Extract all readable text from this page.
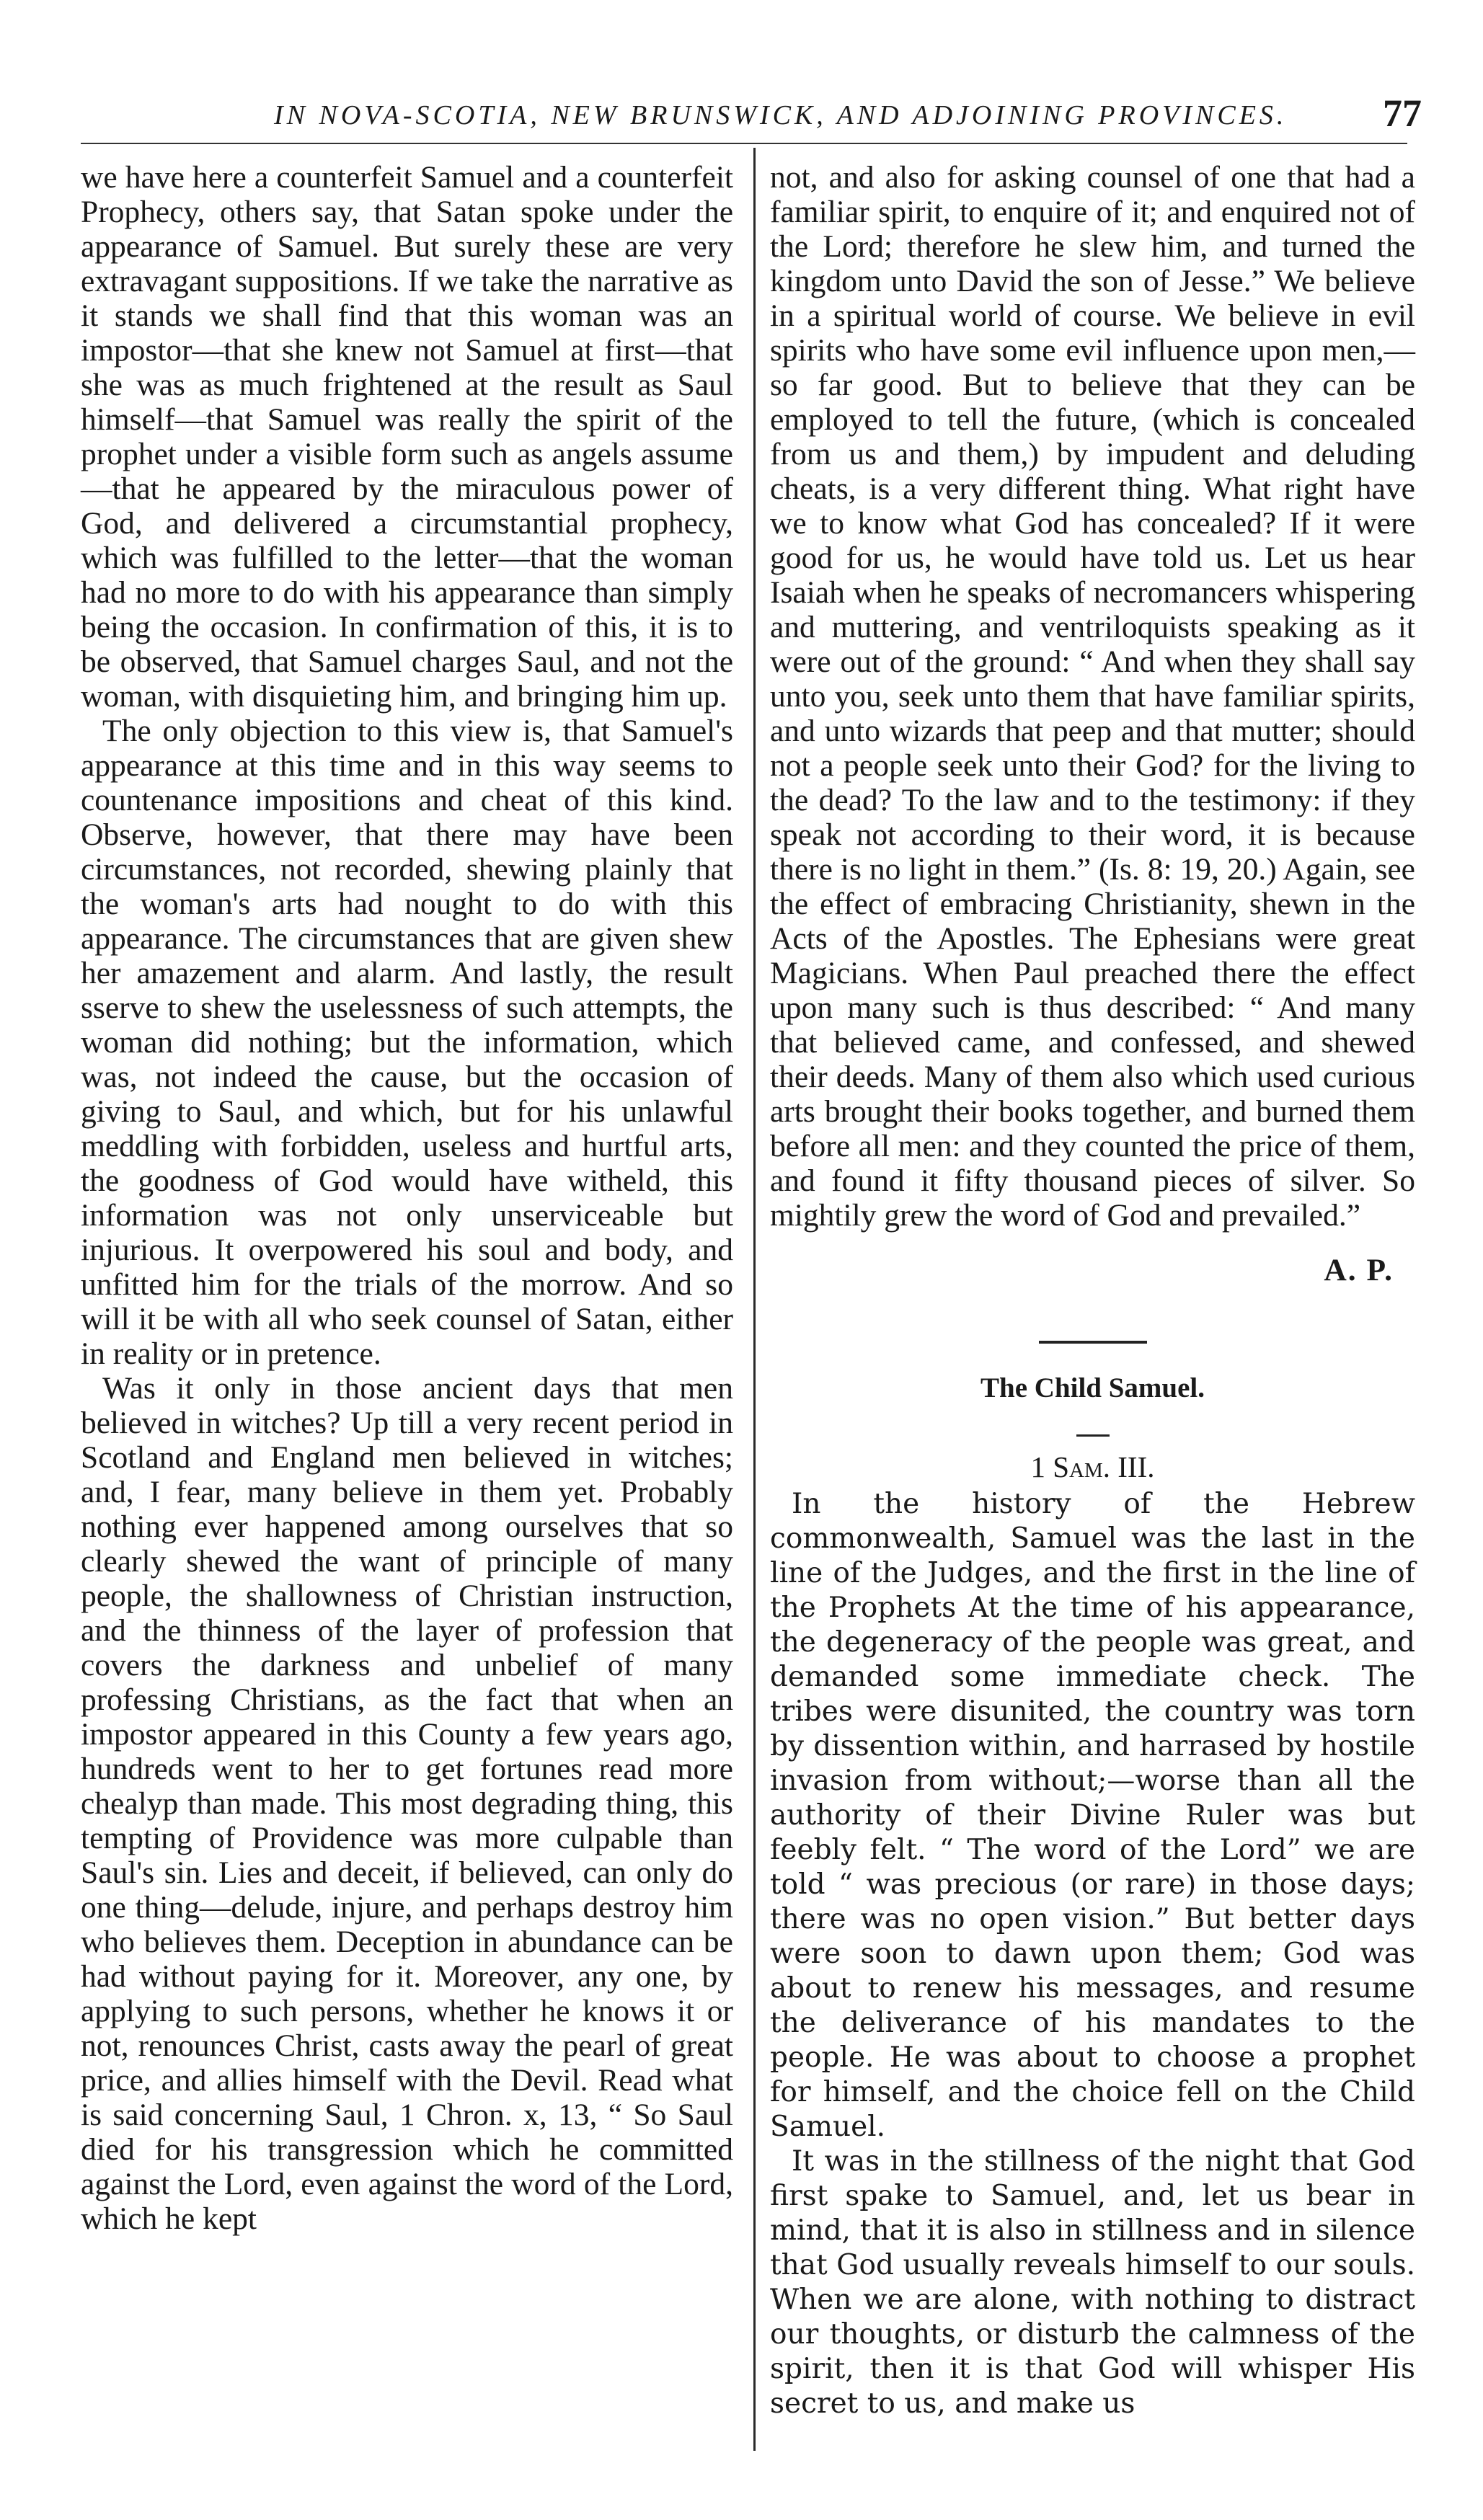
IN NOVA-SCOTIA, NEW BRUNSWICK, AND ADJOINING PROVINCES.	77

we have here a counterfeit Samuel and a counterfeit Prophecy, others say, that Satan spoke under the appearance of Samuel. But surely these are very extravagant suppositions. If we take the narrative as it stands we shall find that this woman was an impostor—that she knew not Samuel at first—that she was as much frightened at the result as Saul himself—that Samuel was really the spirit of the prophet under a visible form such as angels assume—that he appeared by the miraculous power of God, and delivered a circumstantial prophecy, which was fulfilled to the letter—that the woman had no more to do with his appearance than simply being the occasion. In confirmation of this, it is to be observed, that Samuel charges Saul, and not the woman, with disquieting him, and bringing him up.

The only objection to this view is, that Samuel's appearance at this time and in this way seems to countenance impositions and cheat of this kind. Observe, however, that there may have been circumstances, not recorded, shewing plainly that the woman's arts had nought to do with this appearance. The circumstances that are given shew her amazement and alarm. And lastly, the result sserve to shew the uselessness of such attempts, the woman did nothing; but the information, which was, not indeed the cause, but the occasion of giving to Saul, and which, but for his unlawful meddling with forbidden, useless and hurtful arts, the goodness of God would have witheld, this information was not only unserviceable but injurious. It overpowered his soul and body, and unfitted him for the trials of the morrow. And so will it be with all who seek counsel of Satan, either in reality or in pretence.

Was it only in those ancient days that men believed in witches? Up till a very recent period in Scotland and England men believed in witches; and, I fear, many believe in them yet. Probably nothing ever happened among ourselves that so clearly shewed the want of principle of many people, the shallowness of Christian instruction, and the thinness of the layer of profession that covers the darkness and unbelief of many professing Christians, as the fact that when an impostor appeared in this County a few years ago, hundreds went to her to get fortunes read more chealyp than made. This most degrading thing, this tempting of Providence was more culpable than Saul's sin. Lies and deceit, if believed, can only do one thing—delude, injure, and perhaps destroy him who believes them. Deception in abundance can be had without paying for it. Moreover, any one, by applying to such persons, whether he knows it or not, renounces Christ, casts away the pearl of great price, and allies himself with the Devil. Read what is said concerning Saul, 1 Chron. x, 13, “ So Saul died for his transgression which he committed against the Lord, even against the word of the Lord, which he kept

not, and also for asking counsel of one that had a familiar spirit, to enquire of it; and enquired not of the Lord; therefore he slew him, and turned the kingdom unto David the son of Jesse.” We believe in a spiritual world of course. We believe in evil spirits who have some evil influence upon men,—so far good. But to believe that they can be employed to tell the future, (which is concealed from us and them,) by impudent and deluding cheats, is a very different thing. What right have we to know what God has concealed? If it were good for us, he would have told us. Let us hear Isaiah when he speaks of necromancers whispering and muttering, and ventriloquists speaking as it were out of the ground: “ And when they shall say unto you, seek unto them that have familiar spirits, and unto wizards that peep and that mutter; should not a people seek unto their God? for the living to the dead? To the law and to the testimony: if they speak not according to their word, it is because there is no light in them.” (Is. 8: 19, 20.) Again, see the effect of embracing Christianity, shewn in the Acts of the Apostles. The Ephesians were great Magicians. When Paul preached there the effect upon many such is thus described: “ And many that believed came, and confessed, and shewed their deeds. Many of them also which used curious arts brought their books together, and burned them before all men: and they counted the price of them, and found it fifty thousand pieces of silver. So mightily grew the word of God and prevailed.”

A. P.

The Child Samuel.

1 Sam. III.

In the history of the Hebrew commonwealth, Samuel was the last in the line of the Judges, and the first in the line of the Prophets At the time of his appearance, the degeneracy of the people was great, and demanded some immediate check. The tribes were disunited, the country was torn by dissention within, and harrased by hostile invasion from without;—worse than all the authority of their Divine Ruler was but feebly felt. “ The word of the Lord” we are told “ was precious (or rare) in those days; there was no open vision.” But better days were soon to dawn upon them; God was about to renew his messages, and resume the deliverance of his mandates to the people. He was about to choose a prophet for himself, and the choice fell on the Child Samuel.

It was in the stillness of the night that God first spake to Samuel, and, let us bear in mind, that it is also in stillness and in silence that God usually reveals himself to our souls. When we are alone, with nothing to distract our thoughts, or disturb the calmness of the spirit, then it is that God will whisper His secret to us, and make us
